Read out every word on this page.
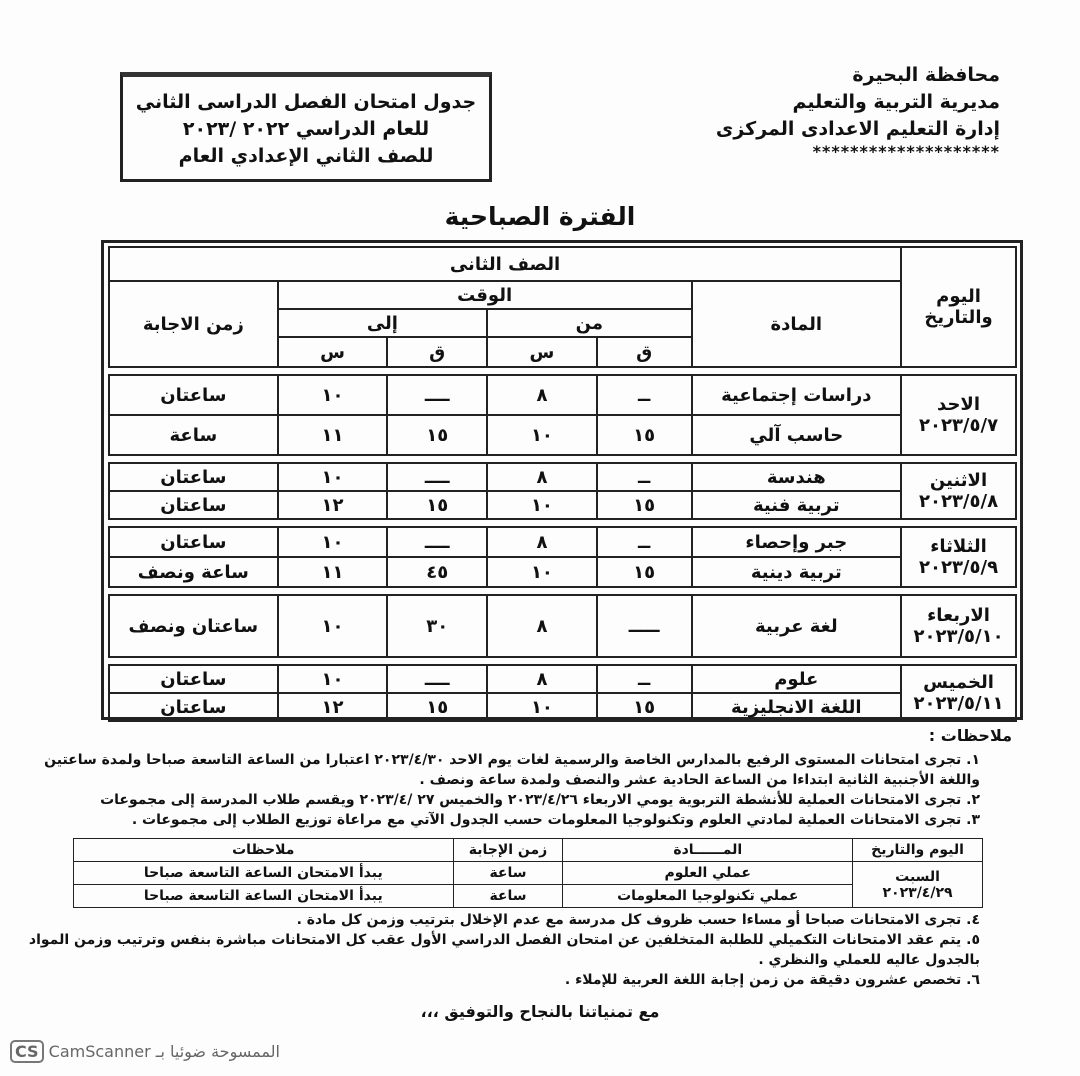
محافظة البحيرة
مديرية التربية والتعليم
إدارة التعليم الاعدادى المركزى
********************
جدول امتحان الفصل الدراسى الثاني
للعام الدراسي ٢٠٢٢ /٢٠٢٣
للصف الثاني الإعدادي العام
الفترة الصباحية
اليوم والتاريخ	الصف الثانى					
	المادة	الوقت				زمن الاجابة
		من		إلى		
		ق	س	ق	س	

الاحد
٢٠٢٣/٥/٧	دراسات إجتماعية	ــ	٨	ــــ	١٠	ساعتان
	حاسب آلي	١٥	١٠	١٥	١١	ساعة

الاثنين
٢٠٢٣/٥/٨	هندسة	ــ	٨	ــــ	١٠	ساعتان
	تربية فنية	١٥	١٠	١٥	١٢	ساعتان

الثلاثاء
٢٠٢٣/٥/٩	جبر وإحصاء	ــ	٨	ــــ	١٠	ساعتان
	تربية دينية	١٥	١٠	٤٥	١١	ساعة ونصف

الاربعاء
٢٠٢٣/٥/١٠	لغة عربية	ـــــ	٨	٣٠	١٠	ساعتان ونصف

الخميس
٢٠٢٣/٥/١١	علوم	ــ	٨	ــــ	١٠	ساعتان
	اللغة الانجليزية	١٥	١٠	١٥	١٢	ساعتان
ملاحظات :
١. تجرى امتحانات المستوى الرفيع بالمدارس الخاصة والرسمية لغات يوم الاحد ٢٠٢٣/٤/٣٠ اعتبارا من الساعة التاسعة صباحا ولمدة ساعتين
واللغة الأجنبية الثانية ابتداءا من الساعة الحادية عشر والنصف ولمدة ساعة ونصف .
٢. تجرى الامتحانات العملية للأنشطة التربوية يومي الاربعاء ٢٠٢٣/٤/٢٦ والخميس ٢٧ /٢٠٢٣/٤ ويقسم طلاب المدرسة إلى مجموعات
٣. تجرى الامتحانات العملية لمادتي العلوم وتكنولوجيا المعلومات حسب الجدول الآتي مع مراعاة توزيع الطلاب إلى مجموعات .
اليوم والتاريخ	المــــــادة	زمن الإجابة	ملاحظات

السبت
٢٠٢٣/٤/٢٩	عملي العلوم	ساعة	يبدأ الامتحان الساعة التاسعة صباحا
	عملي تكنولوجيا المعلومات	ساعة	يبدأ الامتحان الساعة التاسعة صباحا
٤. تجرى الامتحانات صباحا أو مساءا حسب ظروف كل مدرسة مع عدم الإخلال بترتيب وزمن كل مادة .
٥. يتم عقد الامتحانات التكميلي للطلبة المتخلفين عن امتحان الفصل الدراسي الأول عقب كل الامتحانات مباشرة بنفس وترتيب وزمن المواد
بالجدول عاليه للعملي والنظري .
٦. تخصص عشرون دقيقة من زمن إجابة اللغة العربية للإملاء .
مع تمنياتنا بالنجاح والتوفيق ،،،
الممسوحة ضوئيا بـ CamScanner CS
